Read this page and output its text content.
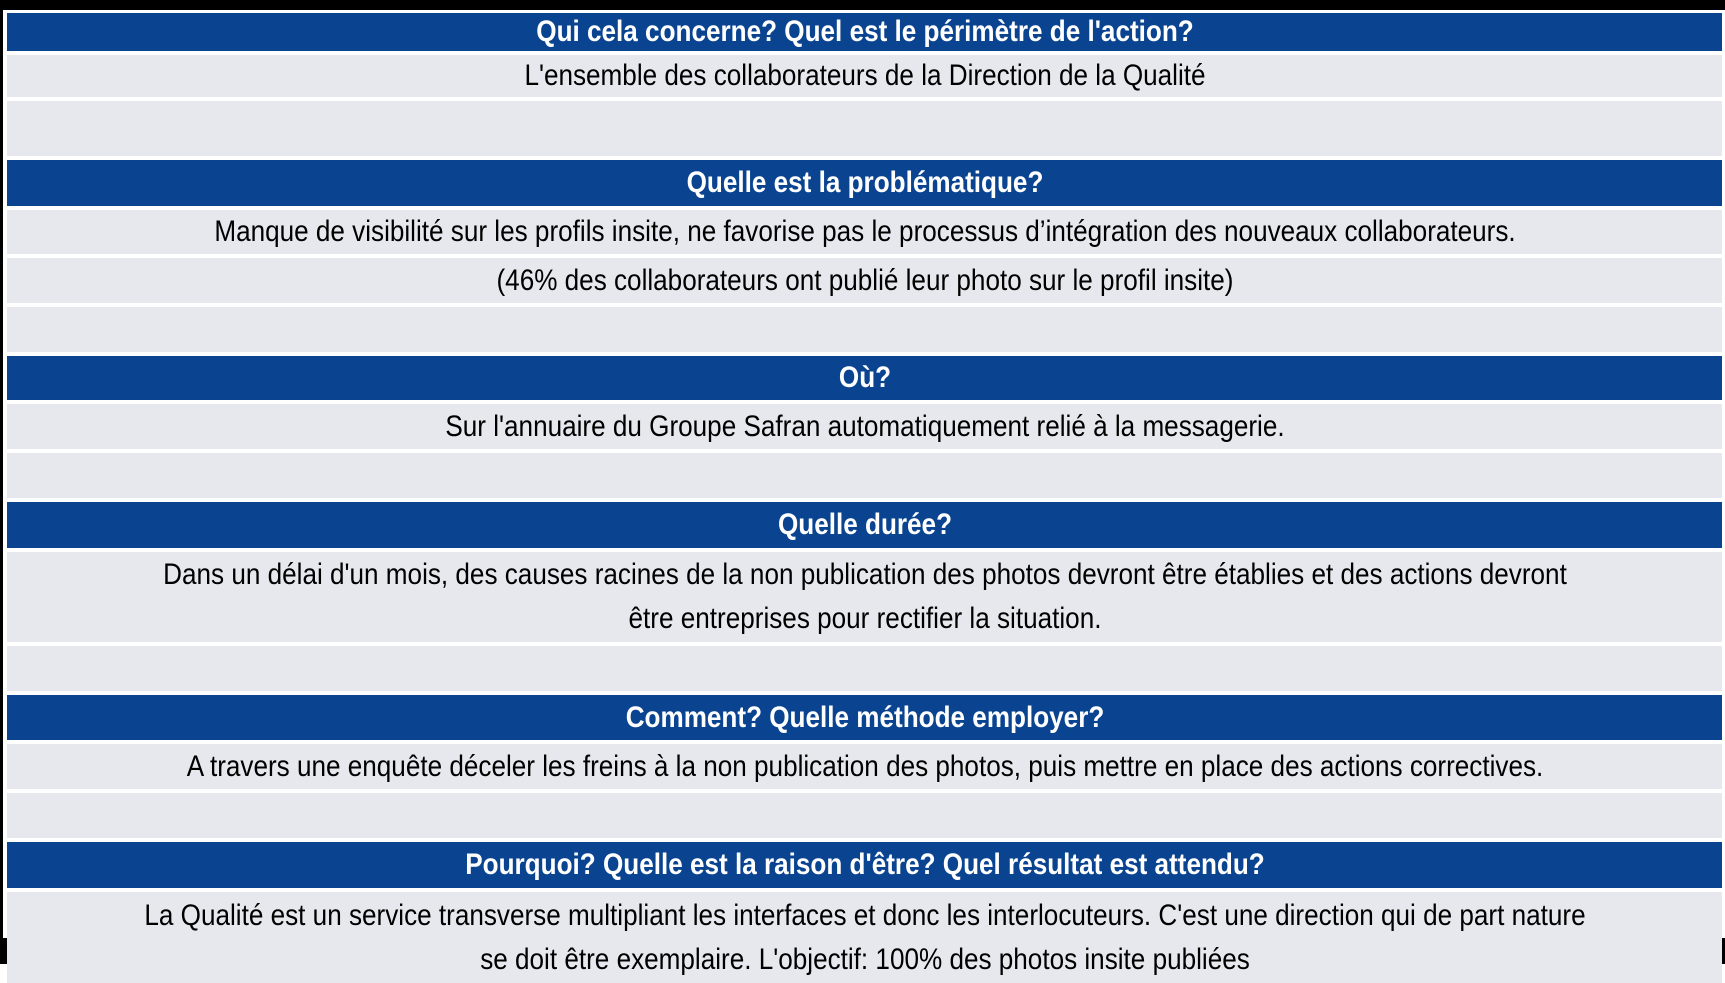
Qui cela concerne? Quel est le périmètre de l'action?
L'ensemble des collaborateurs de la Direction de la Qualité
Quelle est la problématique?
Manque de visibilité sur les profils insite, ne favorise pas le processus d’intégration des nouveaux collaborateurs.
(46% des collaborateurs ont publié leur photo sur le profil insite)
Où?
Sur l'annuaire du Groupe Safran automatiquement relié à la messagerie.
Quelle durée?
Dans un délai d'un mois, des causes racines de la non publication des photos devront être établies et des actions devront
être entreprises pour rectifier la situation.
Comment? Quelle méthode employer?
A travers une enquête déceler les freins à la non publication des photos, puis mettre en place des actions correctives.
Pourquoi? Quelle est la raison d'être? Quel résultat est attendu?
La Qualité est un service transverse multipliant les interfaces et donc les interlocuteurs. C'est une direction qui de part nature
se doit être exemplaire. L'objectif: 100% des photos insite publiées
